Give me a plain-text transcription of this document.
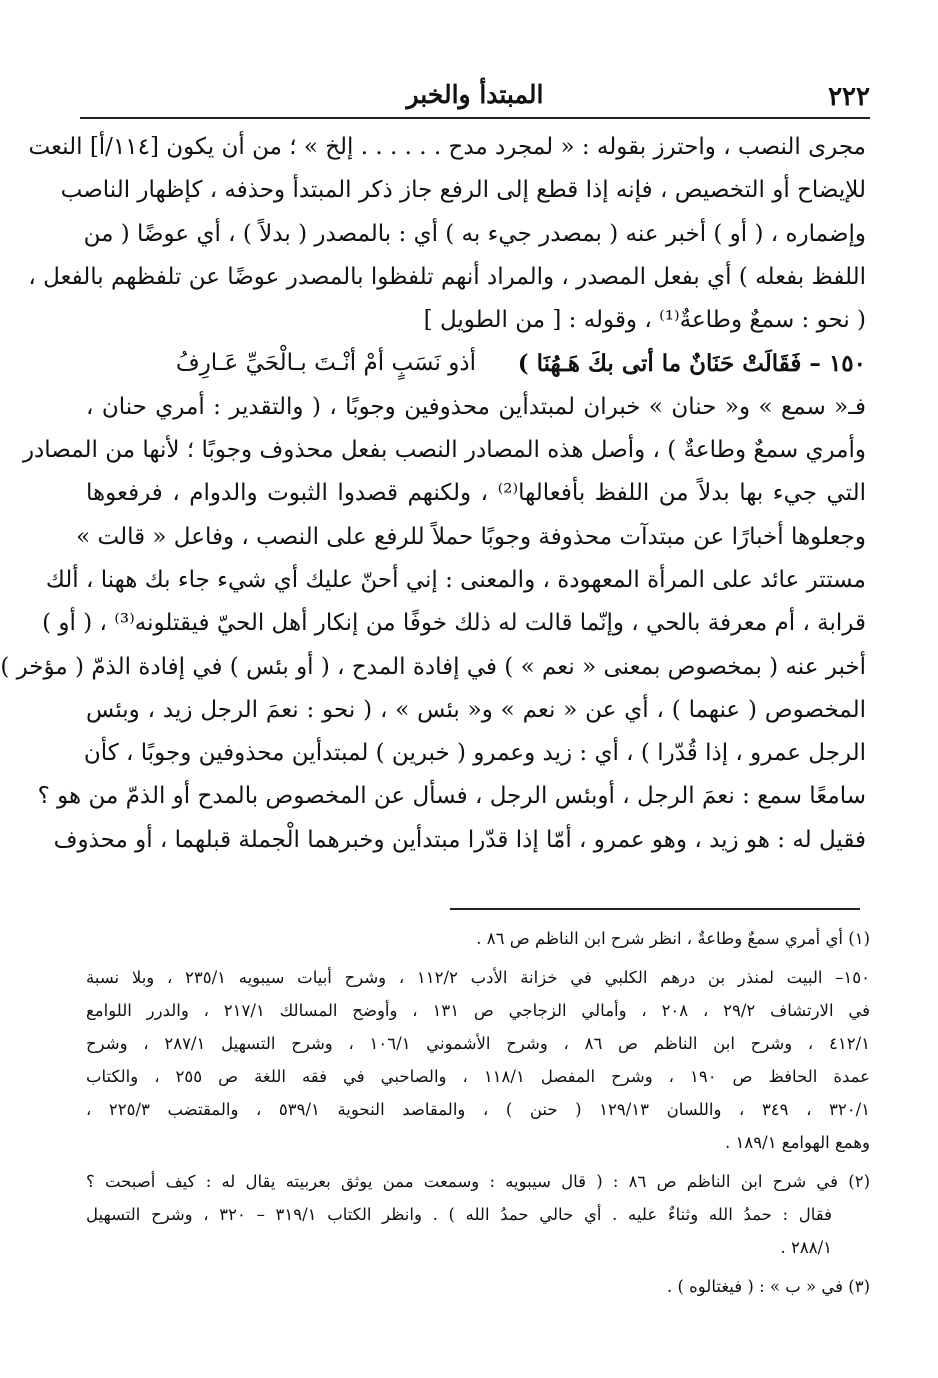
٢٢٢
المبتدأ والخبر
مجرى النصب ، واحترز بقوله : « لمجرد مدح . . . . . . إلخ » ؛ من أن يكون [١١٤/أ] النعت
للإيضاح أو التخصيص ، فإنه إذا قطع إلى الرفع جاز ذكر المبتدأ وحذفه ، كإظهار الناصب
وإضماره ، ( أو ) أخبر عنه ( بمصدر جيء به ) أي : بالمصدر ( بدلاً ) ، أي عوضًا ( من
اللفظ بفعله ) أي بفعل المصدر ، والمراد أنهم تلفظوا بالمصدر عوضًا عن تلفظهم بالفعل ،
( نحو : سمعٌ وطاعةٌ⁽¹⁾ ، وقوله : [ من الطويل ]
١٥٠ – فَقَالَتْ حَنَانٌ ما أتى بكَ هَـهُنَا )
أذو نَسَبٍ أمْ أنْـتَ بـالْحَيِّ عَـارِفُ
فـ« سمع » و« حنان » خبران لمبتدأين محذوفين وجوبًا ، ( والتقدير : أمري حنان ،
وأمري سمعٌ وطاعةٌ ) ، وأصل هذه المصادر النصب بفعل محذوف وجوبًا ؛ لأنها من المصادر
التي جيء بها بدلاً من اللفظ بأفعالها⁽²⁾ ، ولكنهم قصدوا الثبوت والدوام ، فرفعوها
وجعلوها أخبارًا عن مبتدآت محذوفة وجوبًا حملاً للرفع على النصب ، وفاعل « قالت »
مستتر عائد على المرأة المعهودة ، والمعنى : إني أحنّ عليك أي شيء جاء بك ههنا ، ألك
قرابة ، أم معرفة بالحي ، وإنّما قالت له ذلك خوفًا من إنكار أهل الحيّ فيقتلونه⁽³⁾ ، ( أو )
أخبر عنه ( بمخصوص بمعنى « نعم » ) في إفادة المدح ، ( أو بئس ) في إفادة الذمّ ( مؤخر )
المخصوص ( عنهما ) ، أي عن « نعم » و« بئس » ، ( نحو : نعمَ الرجل زيد ، وبئس
الرجل عمرو ، إذا قُدّرا ) ، أي : زيد وعمرو ( خبرين ) لمبتدأين محذوفين وجوبًا ، كأن
سامعًا سمع : نعمَ الرجل ، أوبئس الرجل ، فسأل عن المخصوص بالمدح أو الذمّ من هو ؟
فقيل له : هو زيد ، وهو عمرو ، أمّا إذا قدّرا مبتدأين وخبرهما الْجملة قبلهما ، أو محذوف
(١) أي أمري سمعٌ وطاعةٌ ، انظر شرح ابن الناظم ص ٨٦ .
١٥٠– البيت لمنذر بن درهم الكلبي في خزانة الأدب ١١٢/٢ ، وشرح أبيات سيبويه ٢٣٥/١ ، وبلا نسبة
في الارتشاف ٢٩/٢ ، ٢٠٨ ، وأمالي الزجاجي ص ١٣١ ، وأوضح المسالك ٢١٧/١ ، والدرر اللوامع
٤١٢/١ ، وشرح ابن الناظم ص ٨٦ ، وشرح الأشموني ١٠٦/١ ، وشرح التسهيل ٢٨٧/١ ، وشرح
عمدة الحافظ ص ١٩٠ ، وشرح المفصل ١١٨/١ ، والصاحبي في فقه اللغة ص ٢٥٥ ، والكتاب
٣٢٠/١ ، ٣٤٩ ، واللسان ١٢٩/١٣ ( حنن ) ، والمقاصد النحوية ٥٣٩/١ ، والمقتضب ٢٢٥/٣ ،
وهمع الهوامع ١٨٩/١ .
(٢) في شرح ابن الناظم ص ٨٦ : ( قال سيبويه : وسمعت ممن يوثق بعربيته يقال له : كيف أصبحت ؟
فقال : حمدُ الله وثناءٌ عليه . أي حالي حمدُ الله ) . وانظر الكتاب ٣١٩/١ – ٣٢٠ ، وشرح التسهيل
٢٨٨/١ .
(٣) في « ب » : ( فيغتالوه ) .
